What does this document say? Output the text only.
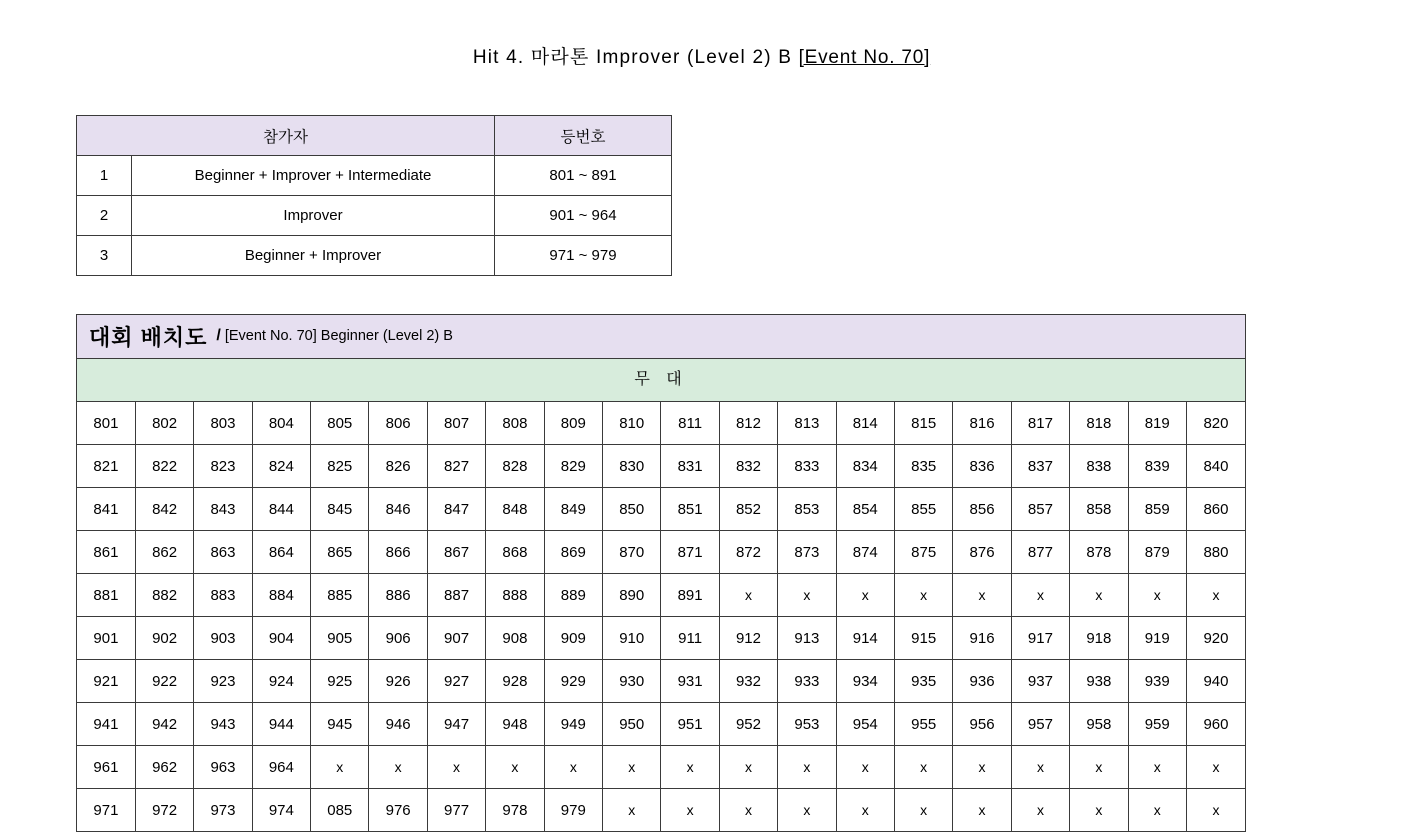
Hit 4. 마라톤 Improver (Level 2) B [Event No. 70]
참가자		등번호
1	Beginner + Improver + Intermediate	801 ~ 891
2	Improver	901 ~ 964
3	Beginner + Improver	971 ~ 979
대회 배치도 / [Event No. 70] Beginner (Level 2) B
무 대
801	802	803	804	805	806	807	808	809	810	811	812	813	814	815	816	817	818	819	820
821	822	823	824	825	826	827	828	829	830	831	832	833	834	835	836	837	838	839	840
841	842	843	844	845	846	847	848	849	850	851	852	853	854	855	856	857	858	859	860
861	862	863	864	865	866	867	868	869	870	871	872	873	874	875	876	877	878	879	880
881	882	883	884	885	886	887	888	889	890	891	x	x	x	x	x	x	x	x	x
901	902	903	904	905	906	907	908	909	910	911	912	913	914	915	916	917	918	919	920
921	922	923	924	925	926	927	928	929	930	931	932	933	934	935	936	937	938	939	940
941	942	943	944	945	946	947	948	949	950	951	952	953	954	955	956	957	958	959	960
961	962	963	964	x	x	x	x	x	x	x	x	x	x	x	x	x	x	x	x
971	972	973	974	085	976	977	978	979	x	x	x	x	x	x	x	x	x	x	x
